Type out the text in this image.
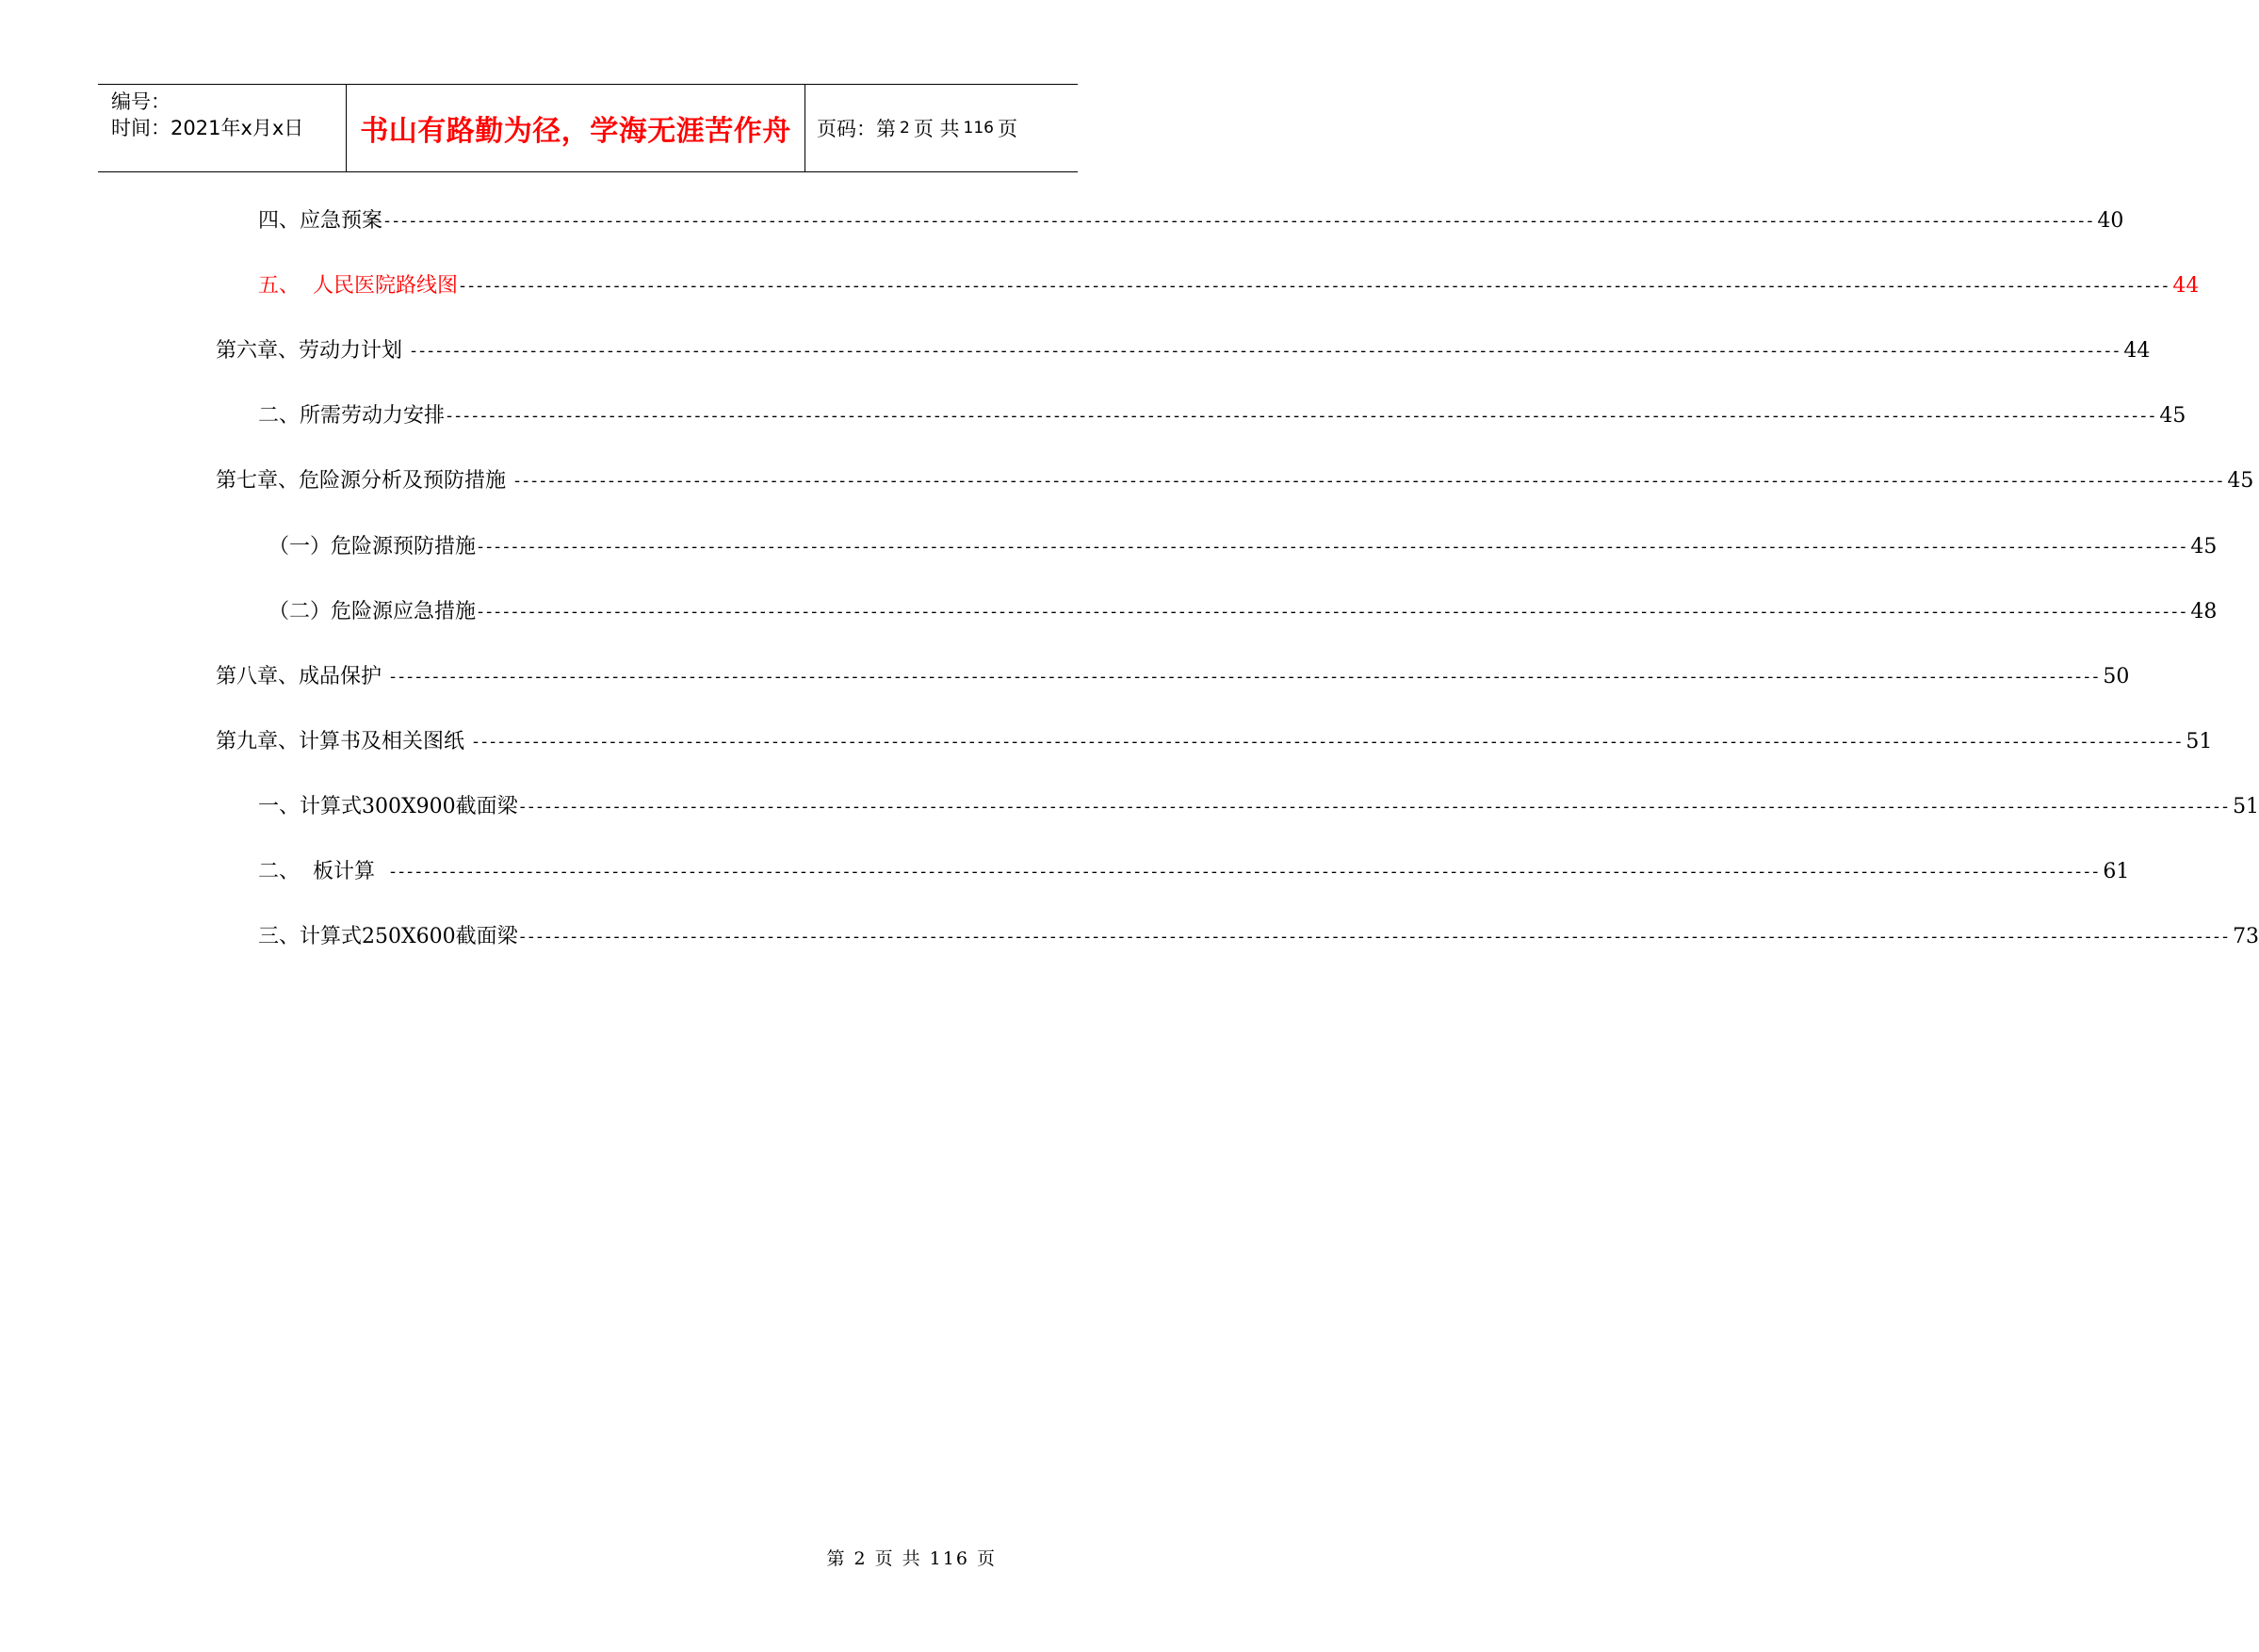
编号：
时间：2021年x月x日	书山有路勤为径，学海无涯苦作舟	页码：第 2 页 共 116 页
四、应急预案 -------------------------------------------------------------------------------------------------------------------------------------------------------------------------------------------------------- 40
五、  人民医院路线图 -------------------------------------------------------------------------------------------------------------------------------------------------------------------------------------------------------- 44
第六章、劳动力计划 -------------------------------------------------------------------------------------------------------------------------------------------------------------------------------------------------------- 44
二、所需劳动力安排 -------------------------------------------------------------------------------------------------------------------------------------------------------------------------------------------------------- 45
第七章、危险源分析及预防措施 -------------------------------------------------------------------------------------------------------------------------------------------------------------------------------------------------------- 45
（一）危险源预防措施 -------------------------------------------------------------------------------------------------------------------------------------------------------------------------------------------------------- 45
（二）危险源应急措施 -------------------------------------------------------------------------------------------------------------------------------------------------------------------------------------------------------- 48
第八章、成品保护 -------------------------------------------------------------------------------------------------------------------------------------------------------------------------------------------------------- 50
第九章、计算书及相关图纸 -------------------------------------------------------------------------------------------------------------------------------------------------------------------------------------------------------- 51
一、计算式300X900截面梁 -------------------------------------------------------------------------------------------------------------------------------------------------------------------------------------------------------- 51
二、  板计算 -------------------------------------------------------------------------------------------------------------------------------------------------------------------------------------------------------- 61
三、计算式250X600截面梁 -------------------------------------------------------------------------------------------------------------------------------------------------------------------------------------------------------- 73
第 2 页 共 116 页
